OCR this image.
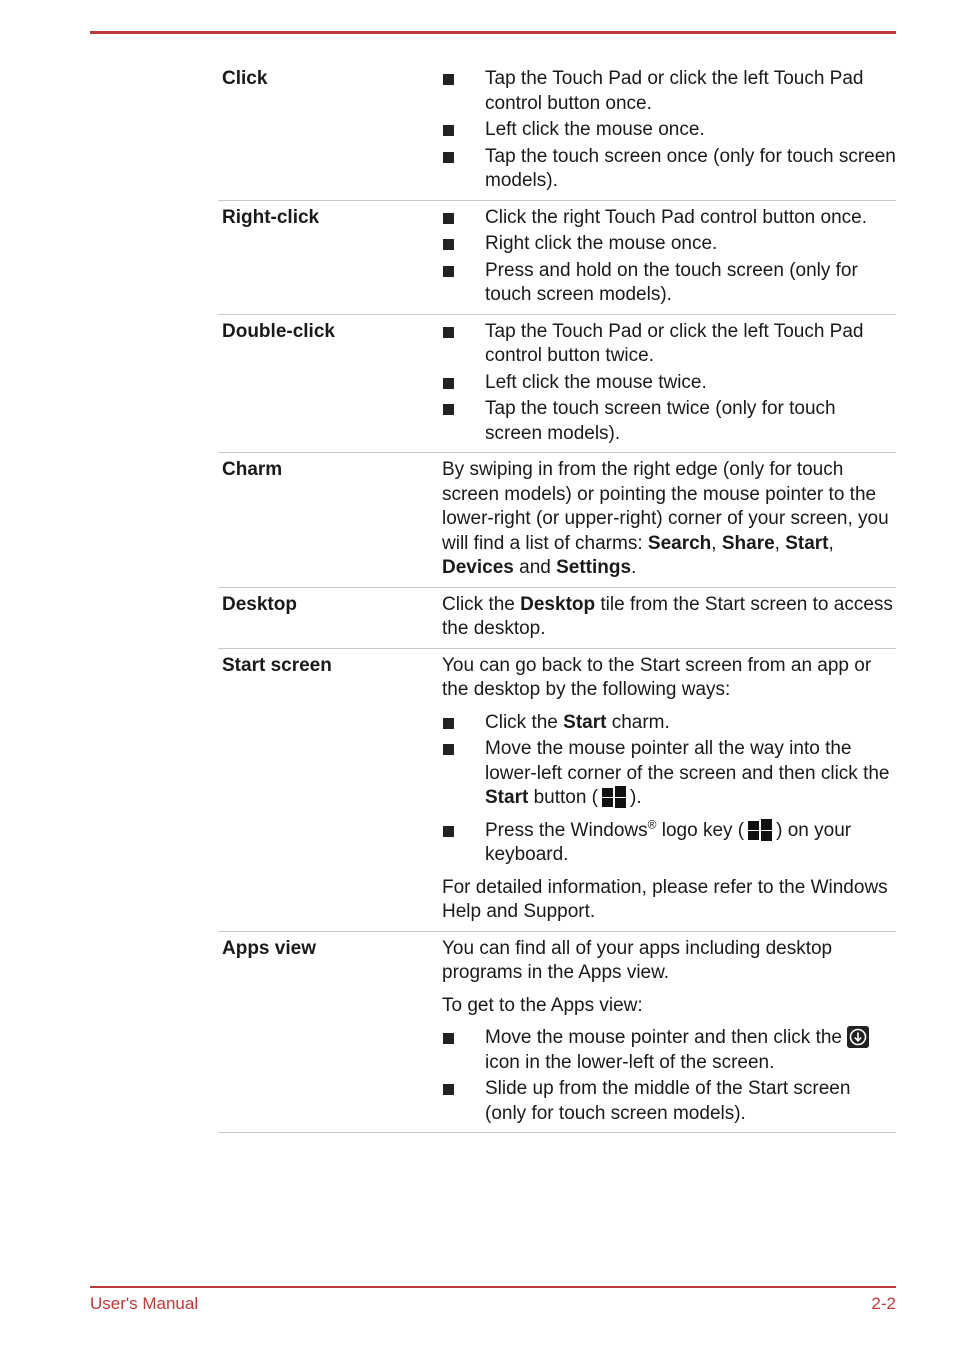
Click	Tap the Touch Pad or click the left Touch Pad control button once.
Left click the mouse once.
Tap the touch screen once (only for touch screen models).
Right-click	Click the right Touch Pad control button once.
Right click the mouse once.
Press and hold on the touch screen (only for touch screen models).
Double-click	Tap the Touch Pad or click the left Touch Pad control button twice.
Left click the mouse twice.
Tap the touch screen twice (only for touch screen models).
Charm	By swiping in from the right edge (only for touch screen models) or pointing the mouse pointer to the lower-right (or upper-right) corner of your screen, you will find a list of charms: Search, Share, Start, Devices and Settings.

Desktop	Click the Desktop tile from the Start screen to access the desktop.

Start screen	You can go back to the Start screen from an app or the desktop by the following ways:

Click the Start charm.
Move the mouse pointer all the way into the lower-left corner of the screen and then click the Start button ( ).
Press the Windows® logo key ( ) on your keyboard.

For detailed information, please refer to the Windows Help and Support.

Apps view	You can find all of your apps including desktop programs in the Apps view.

To get to the Apps view:

Move the mouse pointer and then click the icon in the lower-left of the screen.
Slide up from the middle of the Start screen (only for touch screen models).
User's Manual	2-2
